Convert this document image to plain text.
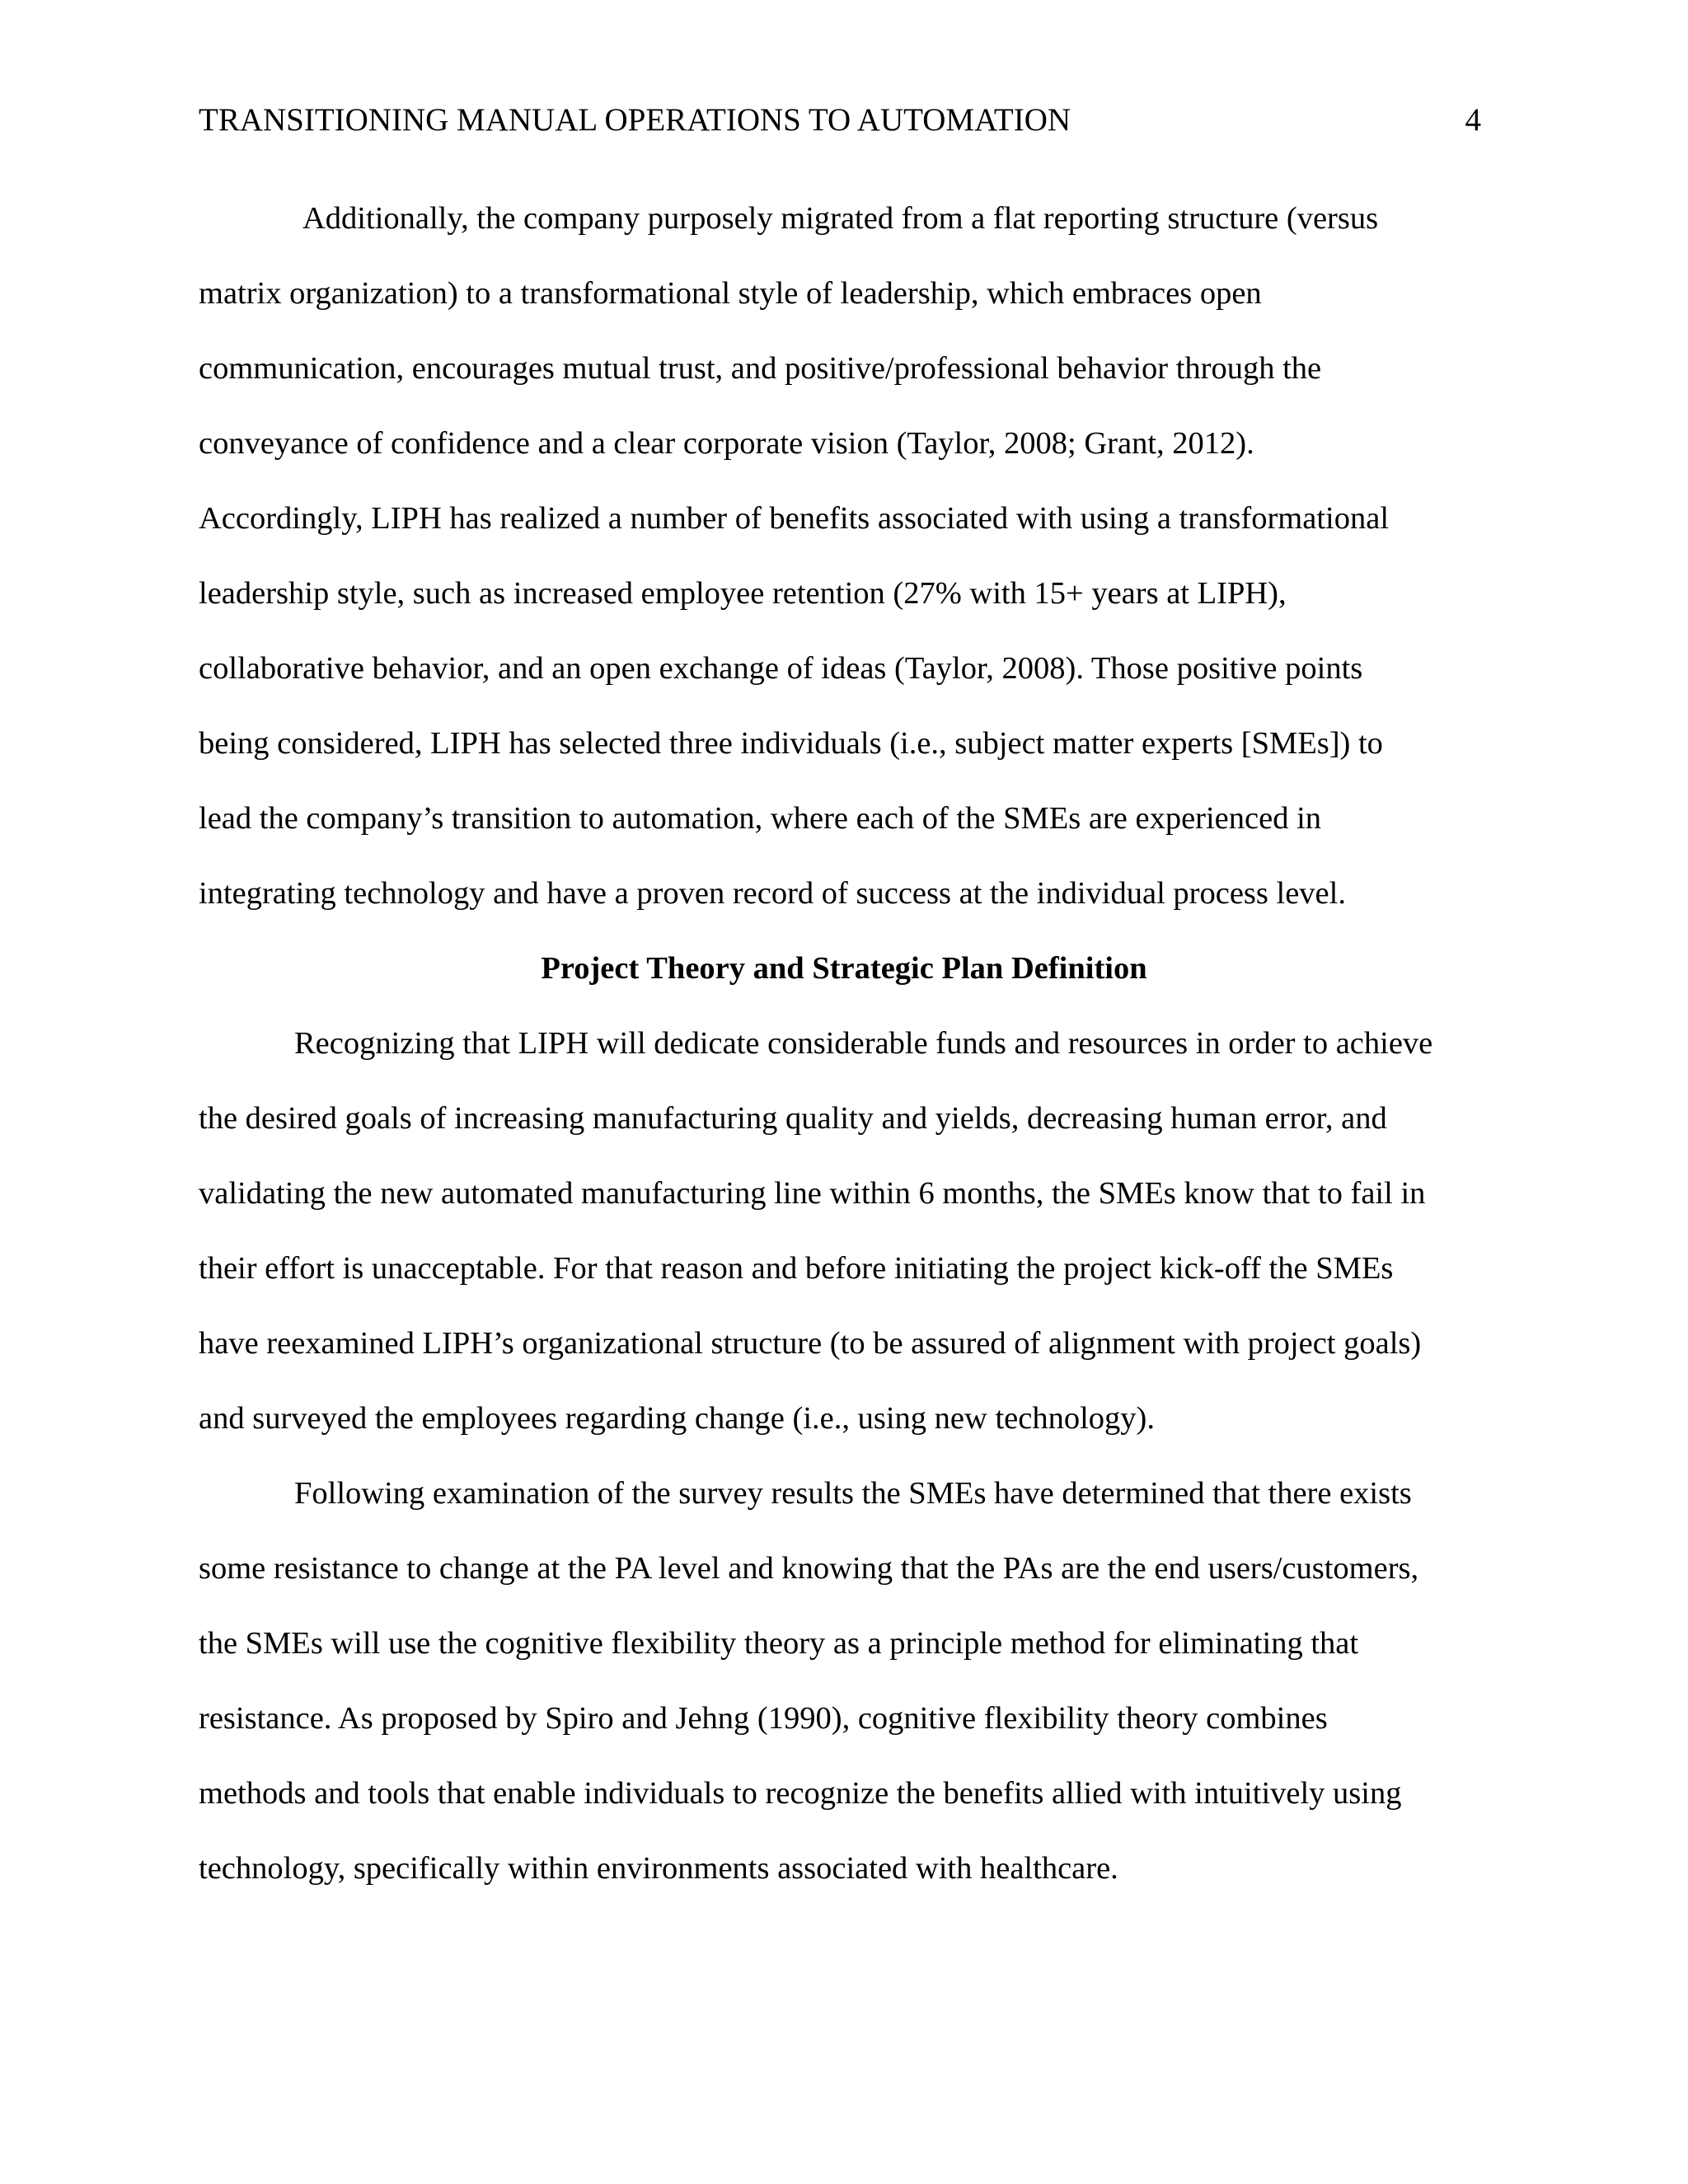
TRANSITIONING MANUAL OPERATIONS TO AUTOMATION	4
Additionally, the company purposely migrated from a flat reporting structure (versus
matrix organization) to a transformational style of leadership, which embraces open
communication, encourages mutual trust, and positive/professional behavior through the
conveyance of confidence and a clear corporate vision (Taylor, 2008; Grant, 2012).
Accordingly, LIPH has realized a number of benefits associated with using a transformational
leadership style, such as increased employee retention (27% with 15+ years at LIPH),
collaborative behavior, and an open exchange of ideas (Taylor, 2008). Those positive points
being considered, LIPH has selected three individuals (i.e., subject matter experts [SMEs]) to
lead the company’s transition to automation, where each of the SMEs are experienced in
integrating technology and have a proven record of success at the individual process level.
Project Theory and Strategic Plan Definition
Recognizing that LIPH will dedicate considerable funds and resources in order to achieve
the desired goals of increasing manufacturing quality and yields, decreasing human error, and
validating the new automated manufacturing line within 6 months, the SMEs know that to fail in
their effort is unacceptable. For that reason and before initiating the project kick-off the SMEs
have reexamined LIPH’s organizational structure (to be assured of alignment with project goals)
and surveyed the employees regarding change (i.e., using new technology).
Following examination of the survey results the SMEs have determined that there exists
some resistance to change at the PA level and knowing that the PAs are the end users/customers,
the SMEs will use the cognitive flexibility theory as a principle method for eliminating that
resistance. As proposed by Spiro and Jehng (1990), cognitive flexibility theory combines
methods and tools that enable individuals to recognize the benefits allied with intuitively using
technology, specifically within environments associated with healthcare.
